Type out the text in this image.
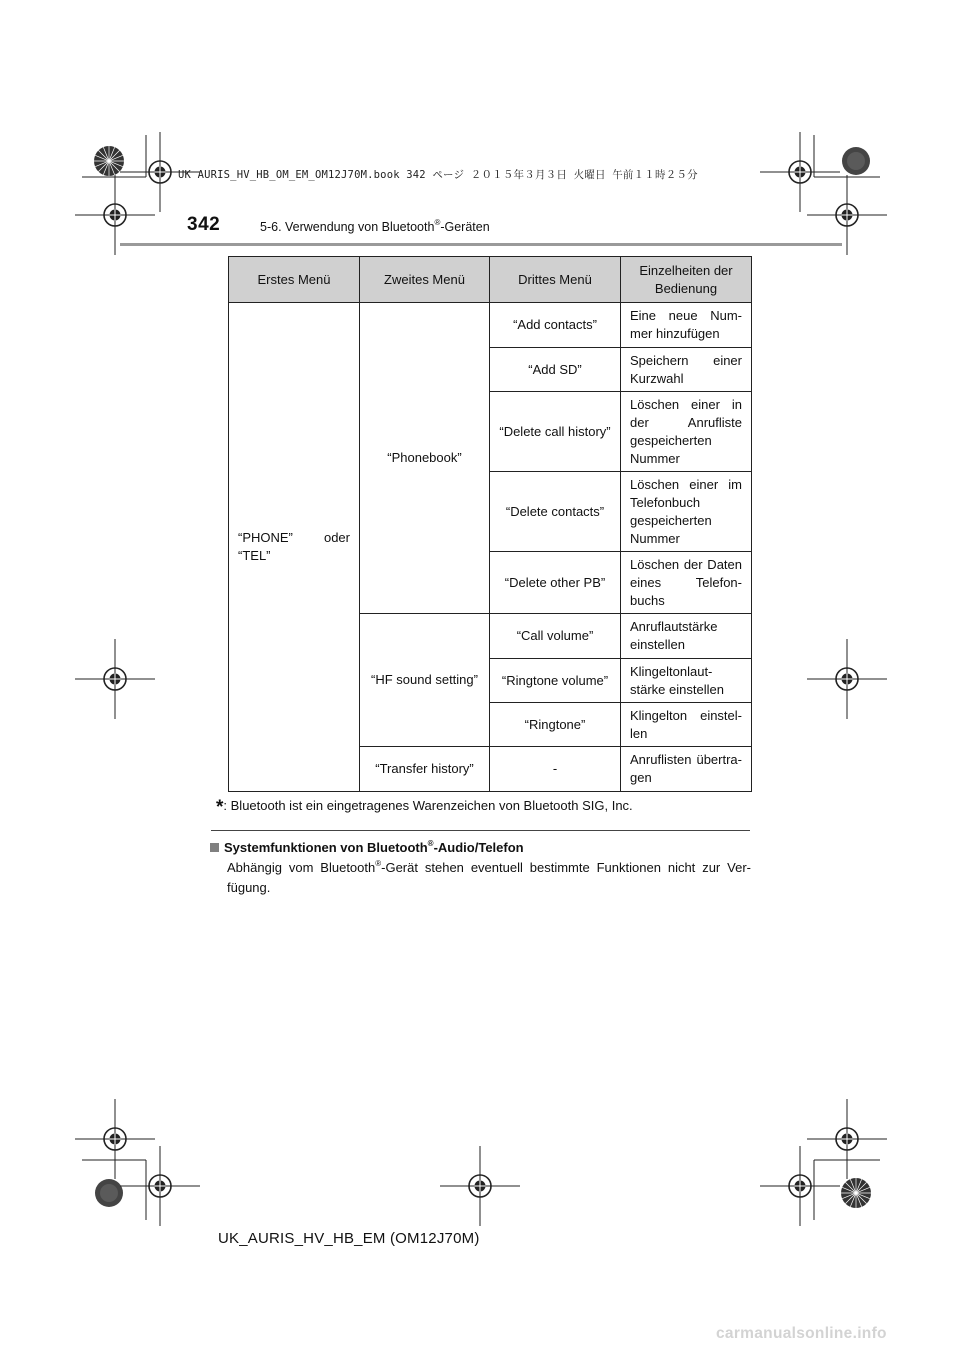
UK AURIS_HV_HB_OM_EM_OM12J70M.book 342 ページ ２０１５年３月３日 火曜日 午前１１時２５分
342	5-6. Verwendung von Bluetooth®-Geräten
Erstes Menü	Zweites Menü	Drittes Menü	Einzelheiten der Bedienung
“PHONE” oder “TEL”	“Phonebook”	“Add contacts”	Eine neue Num-mer hinzufügen

		“Add SD”	Speichern einer Kurzwahl

		“Delete call history”	Löschen einer in der Anrufliste gespeicherten Nummer

		“Delete contacts”	Löschen einer im Telefonbuch gespeicherten Nummer

		“Delete other PB”	Löschen der Daten eines Telefon-buchs

	“HF sound setting”	“Call volume”	Anruflautstärke einstellen

		“Ringtone volume”	Klingeltonlaut-stärke einstellen

		“Ringtone”	Klingelton einstel-len

	“Transfer history”	-	Anruflisten übertra-gen
*: Bluetooth ist ein eingetragenes Warenzeichen von Bluetooth SIG, Inc.
Systemfunktionen von Bluetooth®-Audio/Telefon
Abhängig vom Bluetooth®-Gerät stehen eventuell bestimmte Funktionen nicht zur Ver-fügung.
UK_AURIS_HV_HB_EM (OM12J70M)
carmanualsonline.info
